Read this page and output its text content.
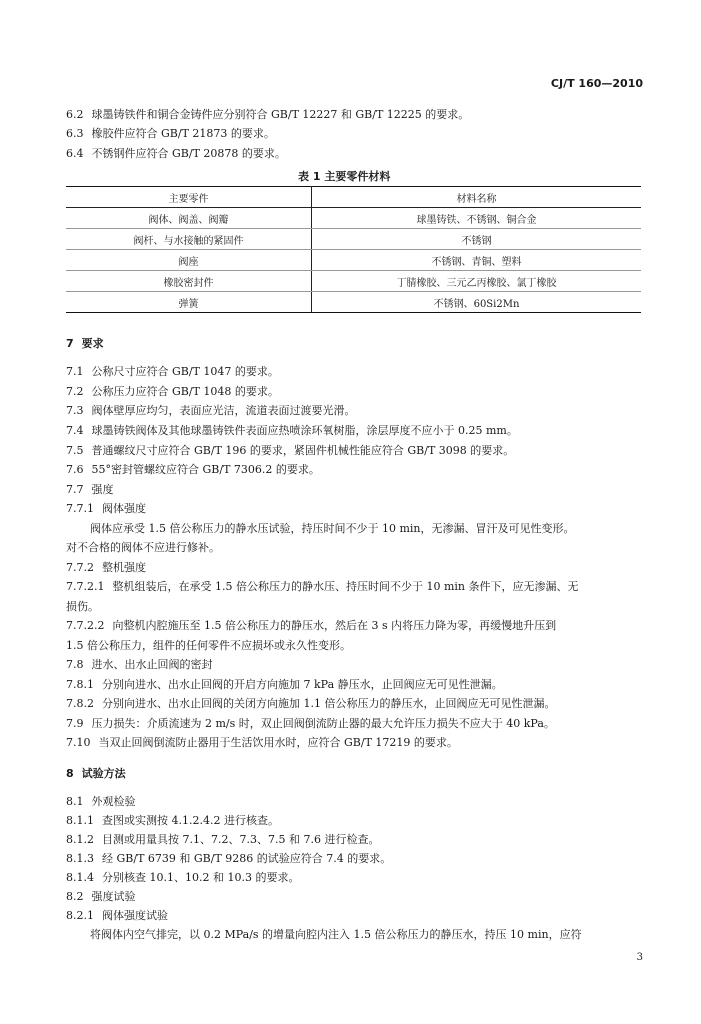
CJ/T 160—2010
6.2 球墨铸铁件和铜合金铸件应分别符合 GB/T 12227 和 GB/T 12225 的要求。
6.3 橡胶件应符合 GB/T 21873 的要求。
6.4 不锈钢件应符合 GB/T 20878 的要求。
表 1 主要零件材料
主要零件	材料名称
阀体、阀盖、阀瓣	球墨铸铁、不锈钢、铜合金
阀杆、与水接触的紧固件	不锈钢
阀座	不锈钢、青铜、塑料
橡胶密封件	丁腈橡胶、三元乙丙橡胶、氯丁橡胶
弹簧	不锈钢、60Si2Mn
7 要求
7.1 公称尺寸应符合 GB/T 1047 的要求。
7.2 公称压力应符合 GB/T 1048 的要求。
7.3 阀体壁厚应均匀，表面应光洁，流道表面过渡要光滑。
7.4 球墨铸铁阀体及其他球墨铸铁件表面应热喷涂环氧树脂，涂层厚度不应小于 0.25 mm。
7.5 普通螺纹尺寸应符合 GB/T 196 的要求，紧固件机械性能应符合 GB/T 3098 的要求。
7.6 55°密封管螺纹应符合 GB/T 7306.2 的要求。
7.7 强度
7.7.1 阀体强度
阀体应承受 1.5 倍公称压力的静水压试验，持压时间不少于 10 min，无渗漏、冒汗及可见性变形。
对不合格的阀体不应进行修补。
7.7.2 整机强度
7.7.2.1 整机组装后，在承受 1.5 倍公称压力的静水压、持压时间不少于 10 min 条件下，应无渗漏、无
损伤。
7.7.2.2 向整机内腔施压至 1.5 倍公称压力的静压水，然后在 3 s 内将压力降为零，再缓慢地升压到
1.5 倍公称压力，组件的任何零件不应损坏或永久性变形。
7.8 进水、出水止回阀的密封
7.8.1 分别向进水、出水止回阀的开启方向施加 7 kPa 静压水，止回阀应无可见性泄漏。
7.8.2 分别向进水、出水止回阀的关闭方向施加 1.1 倍公称压力的静压水，止回阀应无可见性泄漏。
7.9 压力损失：介质流速为 2 m/s 时，双止回阀倒流防止器的最大允许压力损失不应大于 40 kPa。
7.10 当双止回阀倒流防止器用于生活饮用水时，应符合 GB/T 17219 的要求。
8 试验方法
8.1 外观检验
8.1.1 查图或实测按 4.1.2.4.2 进行核查。
8.1.2 目测或用量具按 7.1、7.2、7.3、7.5 和 7.6 进行检查。
8.1.3 经 GB/T 6739 和 GB/T 9286 的试验应符合 7.4 的要求。
8.1.4 分别核查 10.1、10.2 和 10.3 的要求。
8.2 强度试验
8.2.1 阀体强度试验
将阀体内空气排完，以 0.2 MPa/s 的增量向腔内注入 1.5 倍公称压力的静压水，持压 10 min，应符
3
